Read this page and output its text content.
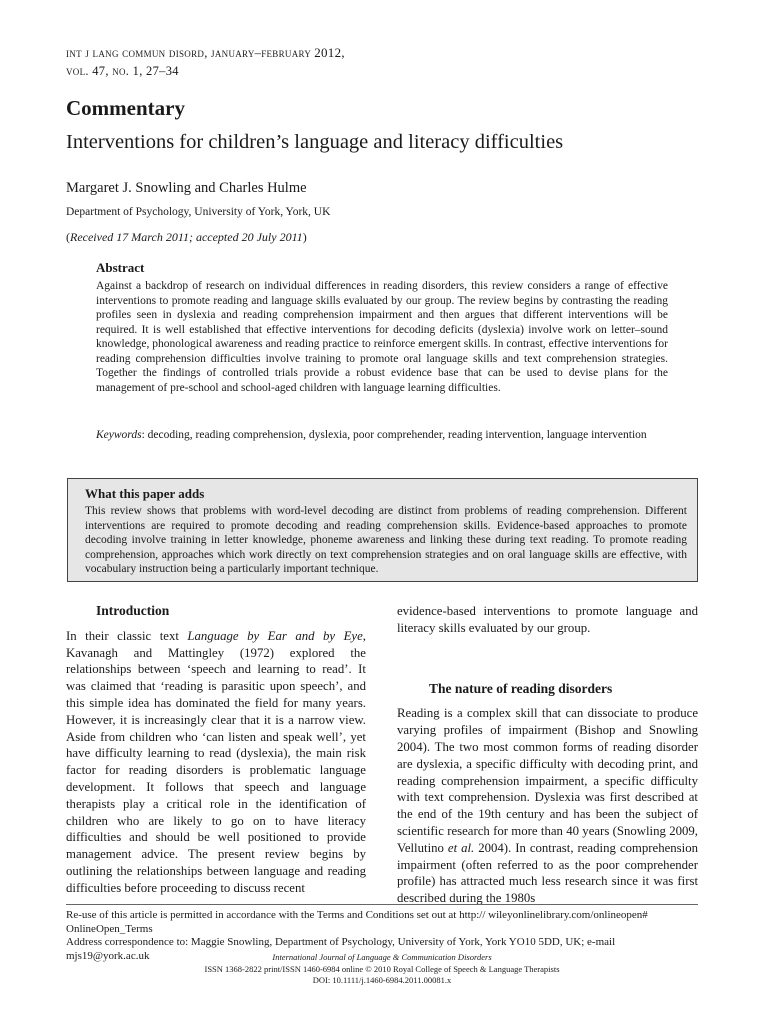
int j lang commun disord, january–february 2012,
vol. 47, no. 1, 27–34
Commentary
Interventions for children’s language and literacy difficulties
Margaret J. Snowling and Charles Hulme
Department of Psychology, University of York, York, UK
(Received 17 March 2011; accepted 20 July 2011)
Abstract
Against a backdrop of research on individual differences in reading disorders, this review considers a range of effective interventions to promote reading and language skills evaluated by our group. The review begins by contrasting the reading profiles seen in dyslexia and reading comprehension impairment and then argues that different interventions will be required. It is well established that effective interventions for decoding deficits (dyslexia) involve work on letter–sound knowledge, phonological awareness and reading practice to reinforce emergent skills. In contrast, effective interventions for reading comprehension difficulties involve training to promote oral language skills and text comprehension strategies. Together the findings of controlled trials provide a robust evidence base that can be used to devise plans for the management of pre-school and school-aged children with language learning difficulties.
Keywords: decoding, reading comprehension, dyslexia, poor comprehender, reading intervention, language intervention
What this paper adds
This review shows that problems with word-level decoding are distinct from problems of reading comprehension. Different interventions are required to promote decoding and reading comprehension skills. Evidence-based approaches to promote decoding involve training in letter knowledge, phoneme awareness and linking these during text reading. To promote reading comprehension, approaches which work directly on text comprehension strategies and on oral language skills are effective, with vocabulary instruction being a particularly important technique.
Introduction

In their classic text Language by Ear and by Eye, Kavanagh and Mattingley (1972) explored the relationships between ‘speech and learning to read’. It was claimed that ‘reading is parasitic upon speech’, and this simple idea has dominated the field for many years. However, it is increasingly clear that it is a narrow view. Aside from children who ‘can listen and speak well’, yet have difficulty learning to read (dyslexia), the main risk factor for reading disorders is problematic language development. It follows that speech and language therapists play a critical role in the identification of children who are likely to go on to have literacy difficulties and should be well positioned to provide management advice. The present review begins by outlining the relationships between language and reading difficulties before proceeding to discuss recent

evidence-based interventions to promote language and literacy skills evaluated by our group.

The nature of reading disorders

Reading is a complex skill that can dissociate to produce varying profiles of impairment (Bishop and Snowling 2004). The two most common forms of reading disorder are dyslexia, a specific difficulty with decoding print, and reading comprehension impairment, a specific difficulty with text comprehension. Dyslexia was first described at the end of the 19th century and has been the subject of scientific research for more than 40 years (Snowling 2009, Vellutino et al. 2004). In contrast, reading comprehension impairment (often referred to as the poor comprehender profile) has attracted much less research since it was first described during the 1980s

Re-use of this article is permitted in accordance with the Terms and Conditions set out at http:// wileyonlinelibrary.com/onlineopen# OnlineOpen_Terms

Address correspondence to: Maggie Snowling, Department of Psychology, University of York, York YO10 5DD, UK; e-mail mjs19@york.ac.uk	International Journal of Language & Communication Disorders

ISSN 1368-2822 print/ISSN 1460-6984 online © 2010 Royal College of Speech & Language Therapists

DOI: 10.1111/j.1460-6984.2011.00081.x
